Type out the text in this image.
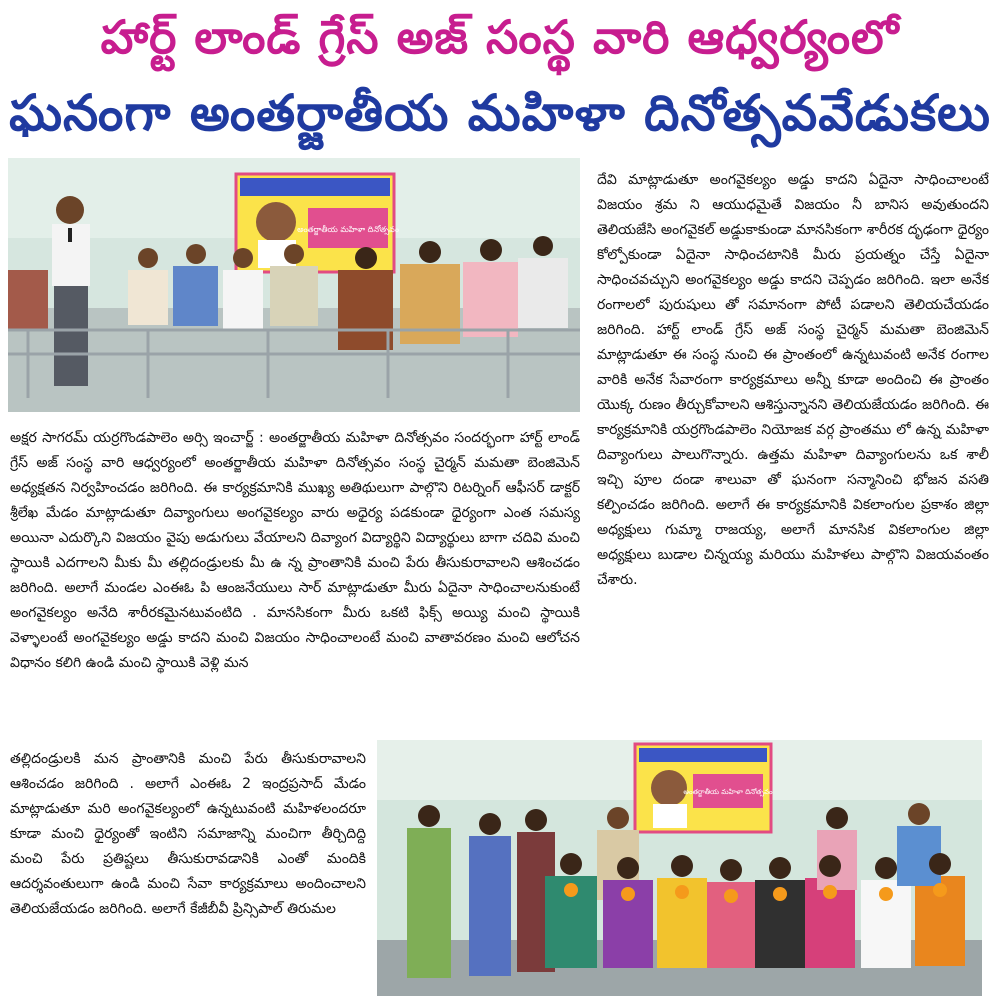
హార్ట్ లాండ్ గ్రేస్ అజ్ సంస్థ వారి ఆధ్వర్యంలో
ఘనంగా అంతర్జాతీయ మహిళా దినోత్సవవేడుకలు
అంతర్జాతీయ మహిళా దినోత్సవం

దేవి మాట్లాడుతూ అంగవైకల్యం అడ్డు కాదని ఏదైనా సాధించాలంటే విజయం శ్రమ ని ఆయుధమైతే విజయం నీ బానిస అవుతుందని తెలియజేసి అంగవైకల్ అడ్డుకాకుండా మానసికంగా శారీరక దృఢంగా ధైర్యం కోల్పోకుండా ఏదైనా సాధించటానికి మీరు ప్రయత్నం చేస్తే ఏదైనా సాధించవచ్చుని అంగవైకల్యం అడ్డు కాదని చెప్పడం జరిగింది. ఇలా అనేక రంగాలలో పురుషులు తో సమానంగా పోటీ పడాలని తెలియచేయడం జరిగింది. హార్ట్ లాండ్ గ్రేస్ అజ్ సంస్థ చైర్మన్ మమతా బెంజిమెన్ మాట్లాడుతూ ఈ సంస్థ నుంచి ఈ ప్రాంతంలో ఉన్నటువంటి అనేక రంగాల వారికి అనేక సేవారంగా కార్యక్రమాలు అన్నీ కూడా అందించి ఈ ప్రాంతం యొక్క రుణం తీర్చుకోవాలని ఆశిస్తున్నానని తెలియజేయడం జరిగింది. ఈ కార్యక్రమానికి యర్రగొండపాలెం నియోజక వర్గ ప్రాంతము లో ఉన్న మహిళా దివ్యాంగులు పాలుగొన్నారు. ఉత్తమ మహిళా దివ్యాంగులను ఒక శాలీ ఇచ్చి పూల దండా శాలువా తో ఘనంగా సన్మానించి భోజన వసతి కల్పించడం జరిగింది. అలాగే ఈ కార్యక్రమానికి వికలాంగుల ప్రకాశం జిల్లా అధ్యక్షులు గుమ్మా రాజయ్య, అలాగే మానసిక వికలాంగుల జిల్లా అధ్యక్షులు బుడాల చిన్నయ్య మరియు మహిళలు పాల్గొని విజయవంతం చేశారు.

అక్షర సాగరమ్ యర్రగొండపాలెం అర్సి ఇంచార్జ్ : అంతర్జాతీయ మహిళా దినోత్సవం సందర్భంగా హార్ట్ లాండ్ గ్రేస్ అజ్ సంస్థ వారి ఆధ్వర్యంలో అంతర్జాతీయ మహిళా దినోత్సవం సంస్థ చైర్మన్ మమతా బెంజిమెన్ అధ్యక్షతన నిర్వహించడం జరిగింది. ఈ కార్యక్రమానికి ముఖ్య అతిథులుగా పాల్గొని రిటర్నింగ్ ఆఫీసర్ డాక్టర్ శ్రీలేఖ మేడం మాట్లాడుతూ దివ్యాంగులు అంగవైకల్యం వారు అధైర్య పడకుండా ధైర్యంగా ఎంత సమస్య అయినా ఎదుర్కొని విజయం వైపు అడుగులు వేయాలని దివ్యాంగ విద్యార్థిని విద్యార్థులు బాగా చదివి మంచి స్థాయికి ఎదగాలని మీకు మీ తల్లిదండ్రులకు మీ ఉ న్న ప్రాంతానికి మంచి పేరు తీసుకురావాలని ఆశించడం జరిగింది. అలాగే మండల ఎంఈఓ పి ఆంజనేయులు సార్ మాట్లాడుతూ మీరు ఏదైనా సాధించాలనుకుంటే అంగవైకల్యం అనేది శారీరకమైనటువంటిది . మానసికంగా మీరు ఒకటి ఫిక్స్ అయ్యి మంచి స్థాయికి వెళ్ళాలంటే అంగవైకల్యం అడ్డు కాదని మంచి విజయం సాధించాలంటే మంచి వాతావరణం మంచి ఆలోచన విధానం కలిగి ఉండి మంచి స్థాయికి వెళ్లి మన

తల్లిదండ్రులకి మన ప్రాంతానికి మంచి పేరు తీసుకురావాలని ఆశించడం జరిగింది . అలాగే ఎంఈఓ 2 ఇంద్రప్రసాద్ మేడం మాట్లాడుతూ మరి అంగవైకల్యంలో ఉన్నటువంటి మహిళలందరూ కూడా మంచి ధైర్యంతో ఇంటిని సమాజాన్ని మంచిగా తీర్చిదిద్ది మంచి పేరు ప్రతిష్టలు తీసుకురావడానికి ఎంతో మందికి ఆదర్శవంతులుగా ఉండి మంచి సేవా కార్యక్రమాలు అందించాలని తెలియజేయడం జరిగింది. అలాగే కేజీబీవీ ప్రిన్సిపాల్ తిరుమల

అంతర్జాతీయ మహిళా దినోత్సవం
